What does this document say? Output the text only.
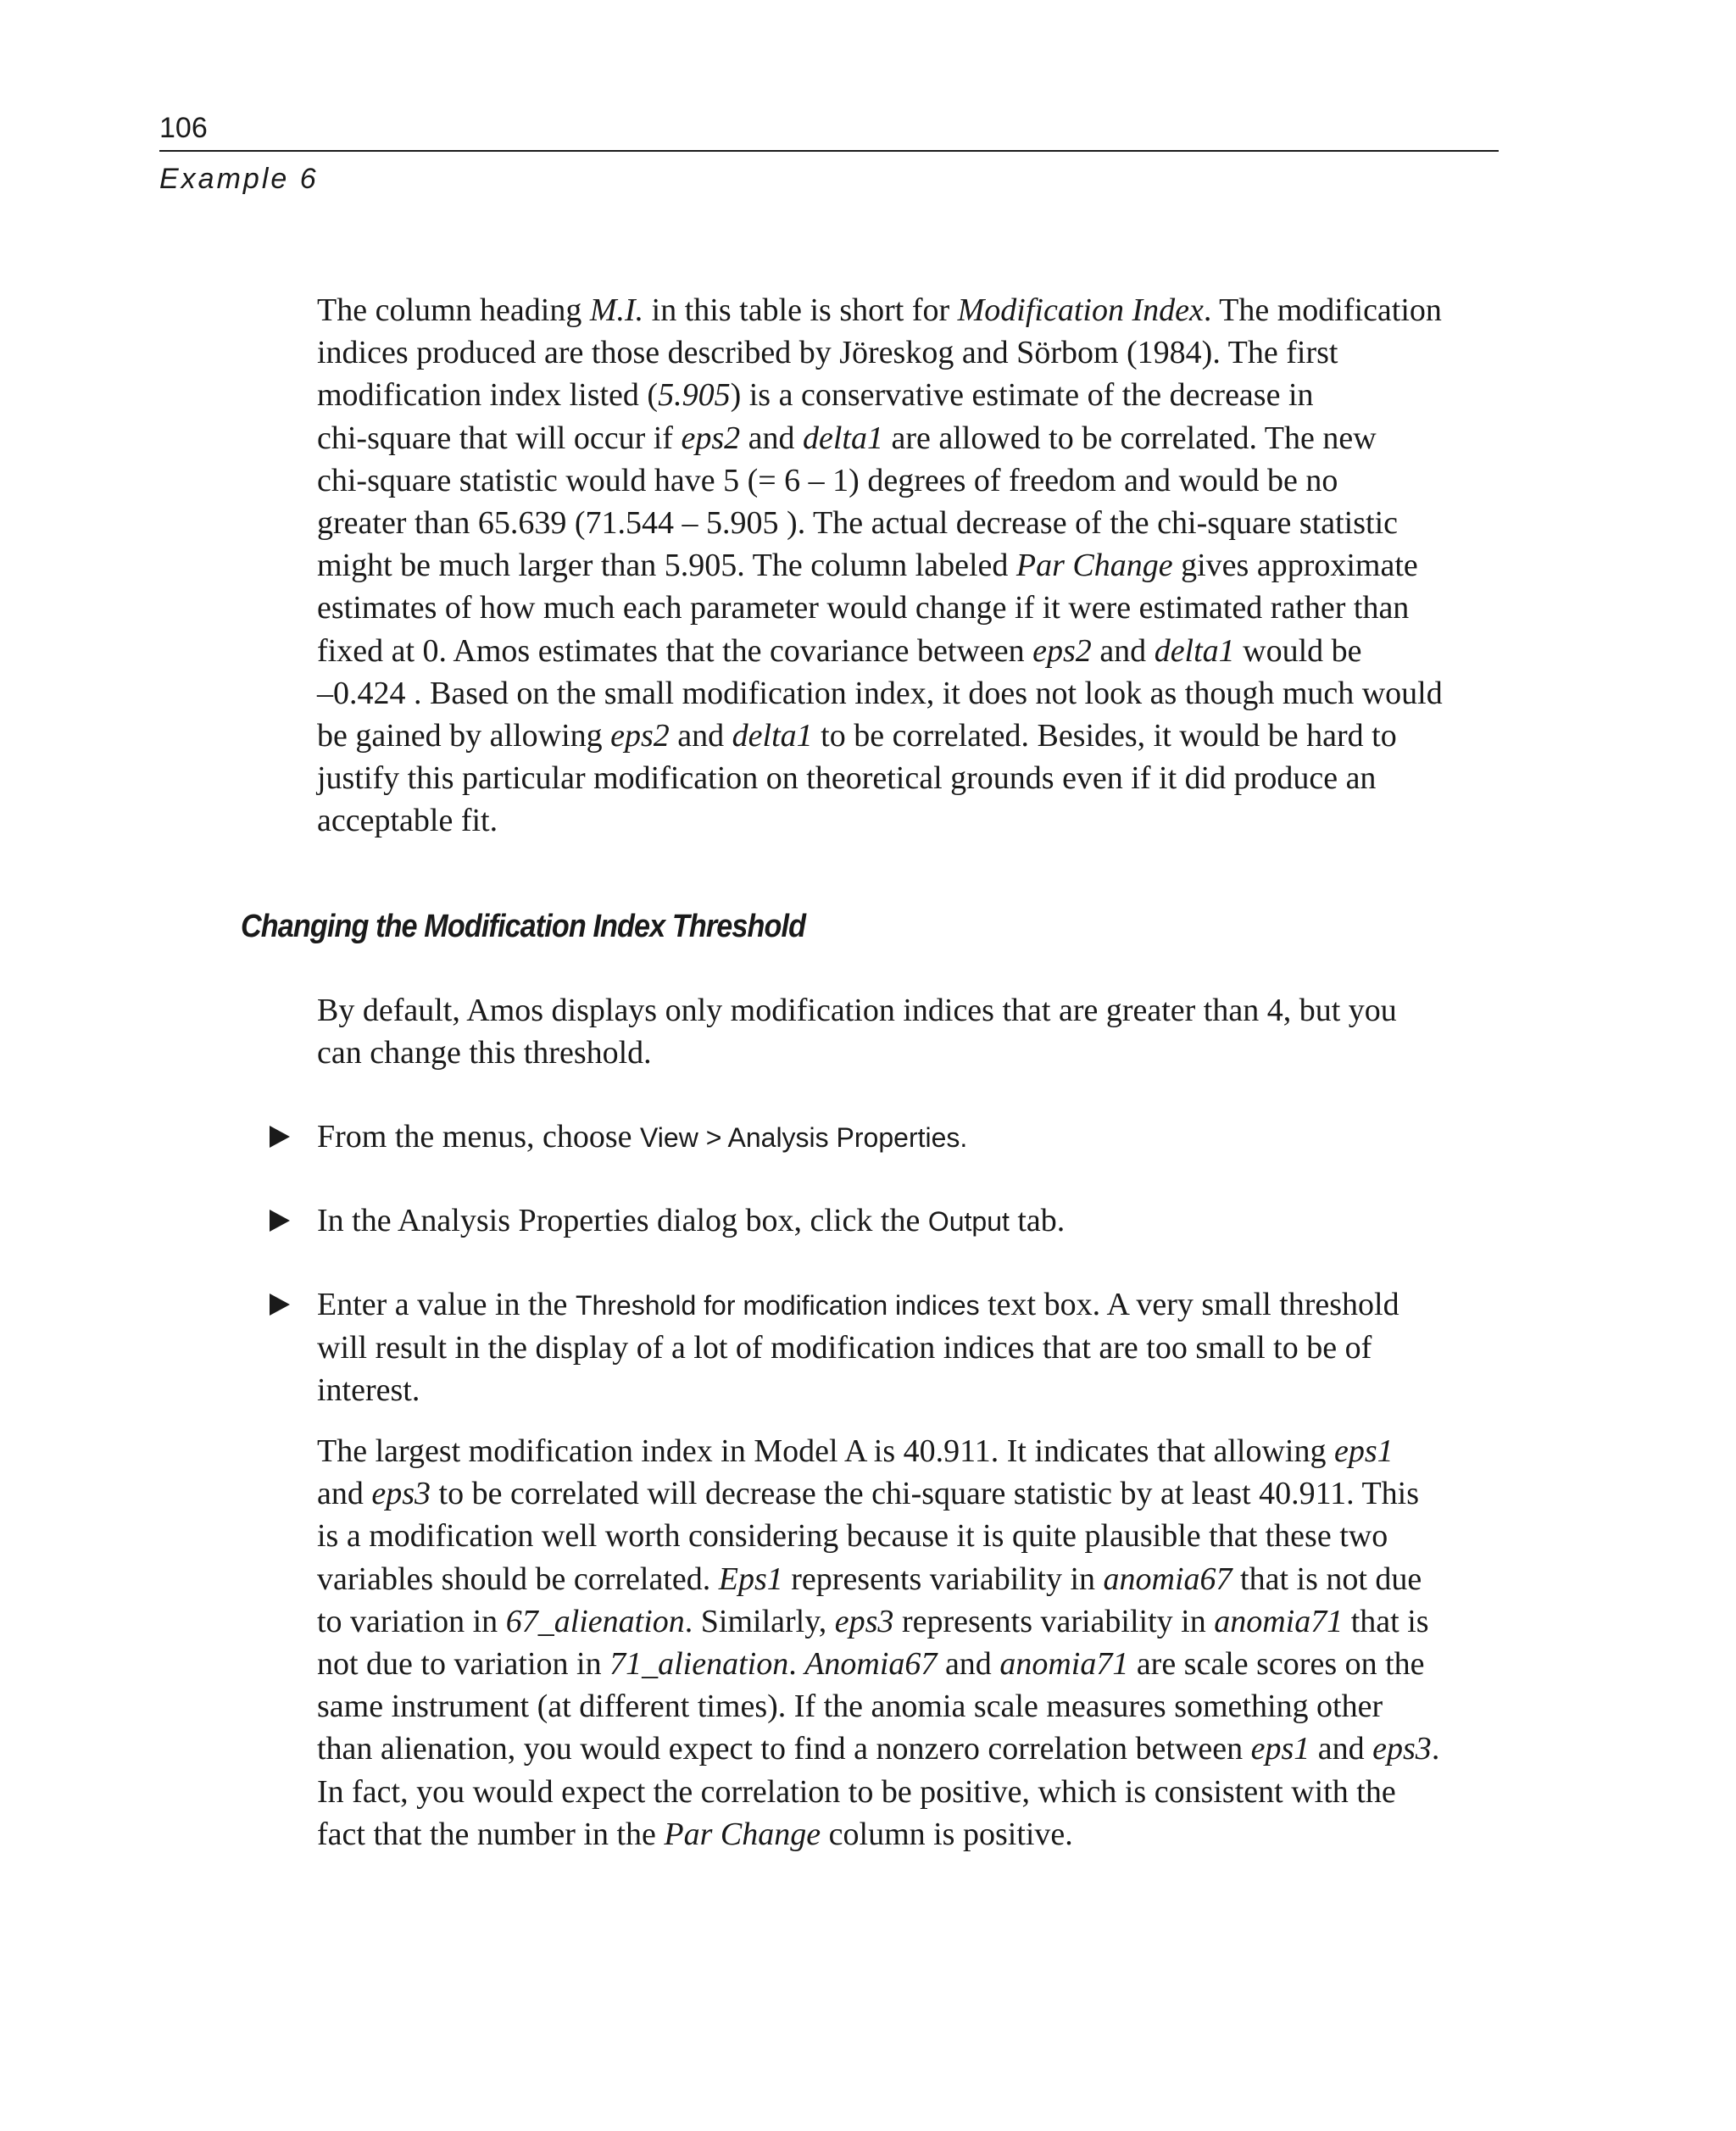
106
Example 6
The column heading M.I. in this table is short for Modification Index. The modification
indices produced are those described by Jöreskog and Sörbom (1984). The first
modification index listed (5.905) is a conservative estimate of the decrease in
chi-square that will occur if eps2 and delta1 are allowed to be correlated. The new
chi-square statistic would have 5 (= 6 – 1) degrees of freedom and would be no
greater than 65.639 (71.544 – 5.905 ). The actual decrease of the chi-square statistic
might be much larger than 5.905. The column labeled Par Change gives approximate
estimates of how much each parameter would change if it were estimated rather than
fixed at 0. Amos estimates that the covariance between eps2 and delta1 would be
–0.424 . Based on the small modification index, it does not look as though much would
be gained by allowing eps2 and delta1 to be correlated. Besides, it would be hard to
justify this particular modification on theoretical grounds even if it did produce an
acceptable fit.
Changing the Modification Index Threshold
By default, Amos displays only modification indices that are greater than 4, but you
can change this threshold.
From the menus, choose View > Analysis Properties.
In the Analysis Properties dialog box, click the Output tab.
Enter a value in the Threshold for modification indices text box. A very small threshold
will result in the display of a lot of modification indices that are too small to be of
interest.
The largest modification index in Model A is 40.911. It indicates that allowing eps1
and eps3 to be correlated will decrease the chi-square statistic by at least 40.911. This
is a modification well worth considering because it is quite plausible that these two
variables should be correlated. Eps1 represents variability in anomia67 that is not due
to variation in 67_alienation. Similarly, eps3 represents variability in anomia71 that is
not due to variation in 71_alienation. Anomia67 and anomia71 are scale scores on the
same instrument (at different times). If the anomia scale measures something other
than alienation, you would expect to find a nonzero correlation between eps1 and eps3.
In fact, you would expect the correlation to be positive, which is consistent with the
fact that the number in the Par Change column is positive.
